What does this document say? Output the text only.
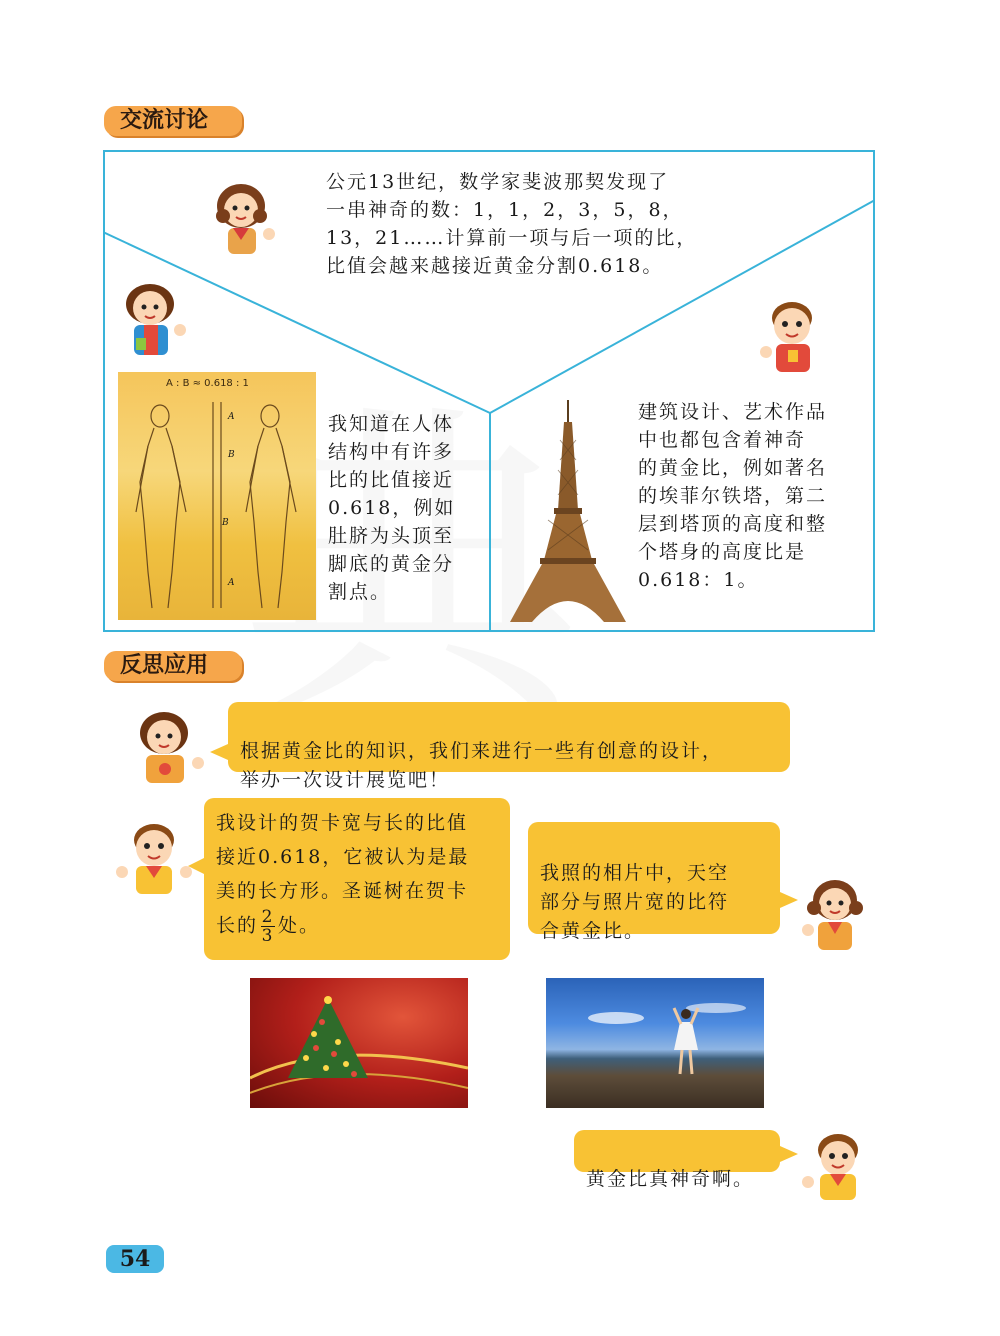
交流讨论
公元13世纪，数学家斐波那契发现了
一串神奇的数：1，1，2，3，5，8，
13，21……计算前一项与后一项的比，
比值会越来越接近黄金分割0.618。
A : B ≈ 0.618 : 1
A
B
B
A
我知道在人体
结构中有许多
比的比值接近
0.618，例如
肚脐为头顶至
脚底的黄金分
割点。
建筑设计、艺术作品
中也都包含着神奇
的黄金比，例如著名
的埃菲尔铁塔，第二
层到塔顶的高度和整
个塔身的高度比是
0.618：1。
反思应用

根据黄金比的知识，我们来进行一些有创意的设计，
举办一次设计展览吧！

我设计的贺卡宽与长的比值
接近0.618，它被认为是最
美的长方形。圣诞树在贺卡
长的 $\frac{2}{3}$ 处。

我照的相片中，天空
部分与照片宽的比符
合黄金比。

黄金比真神奇啊。

54
